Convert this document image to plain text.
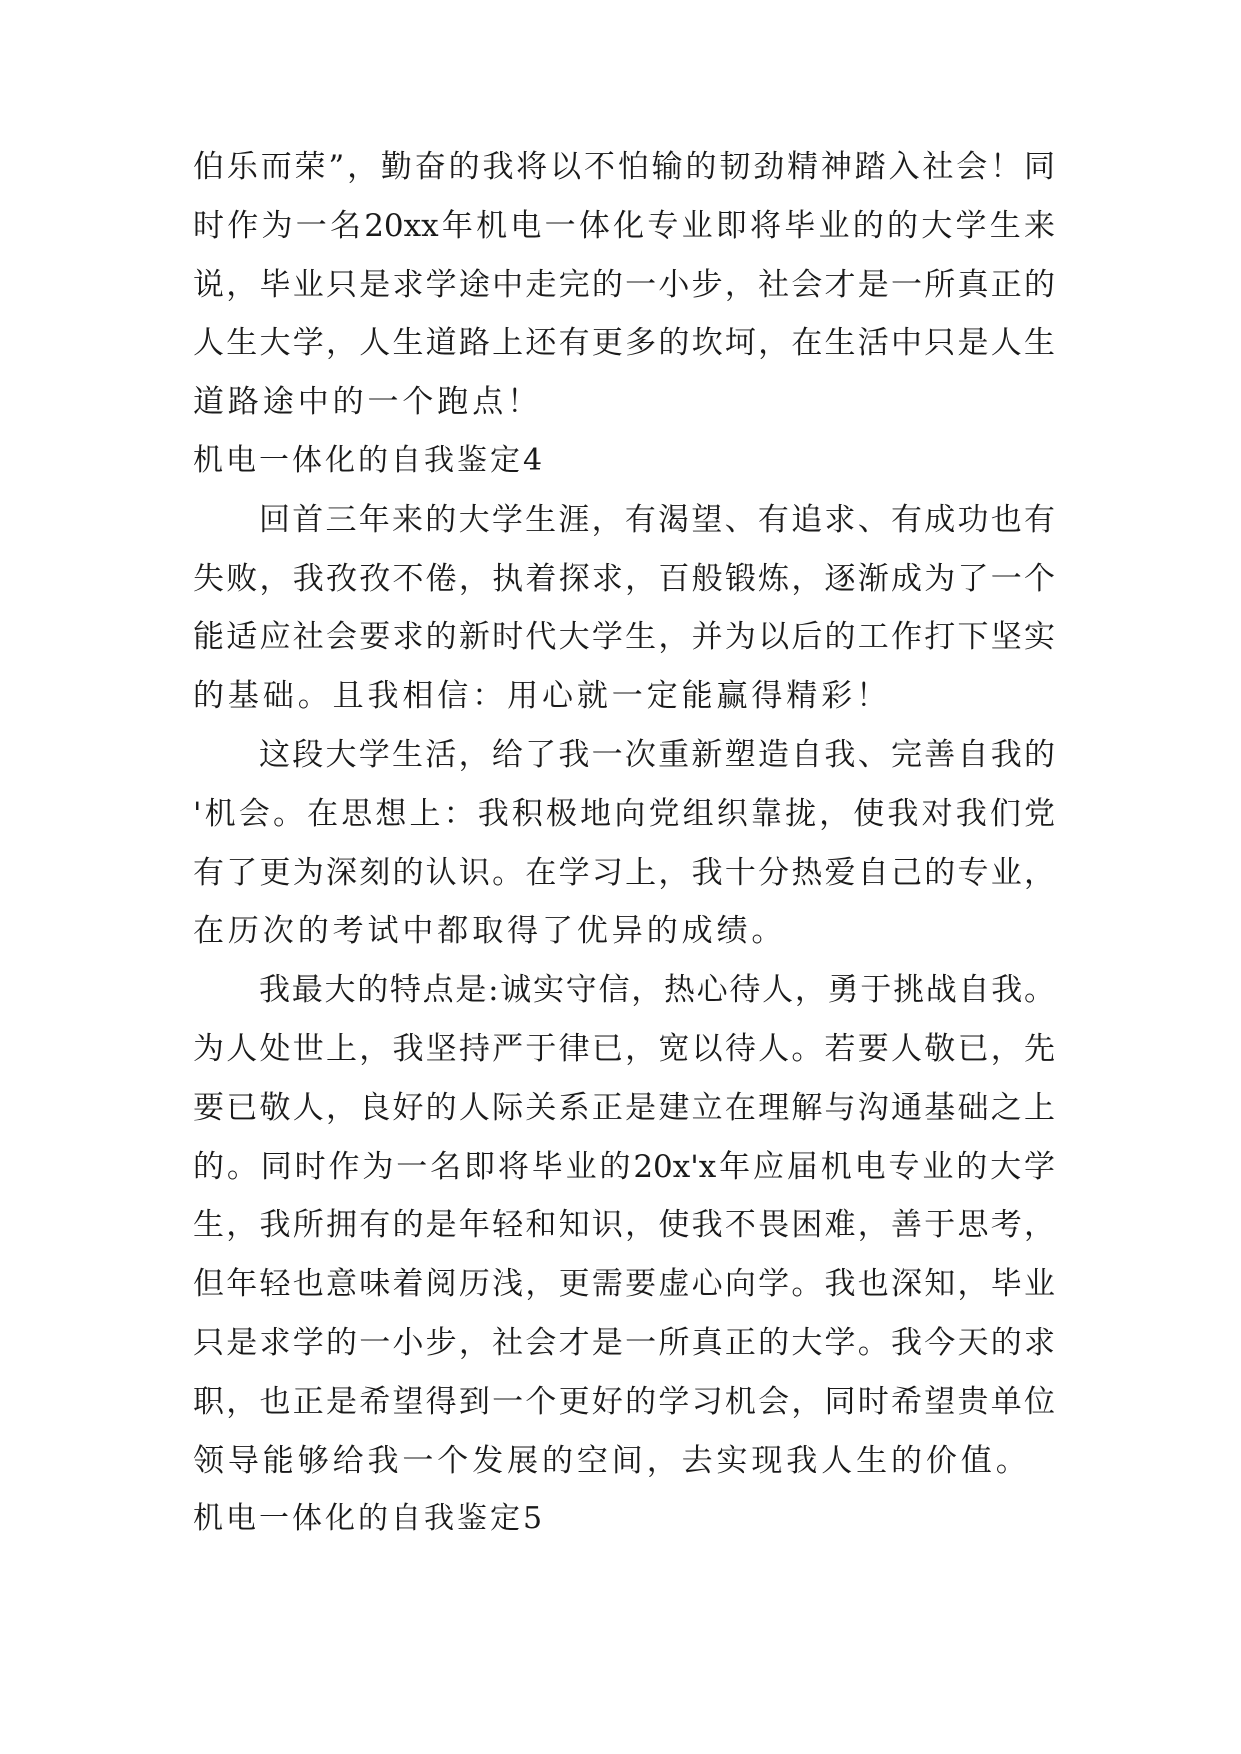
伯乐而荣”，勤奋的我将以不怕输的韧劲精神踏入社会！同
时作为一名20xx年机电一体化专业即将毕业的的大学生来
说，毕业只是求学途中走完的一小步，社会才是一所真正的
人生大学，人生道路上还有更多的坎坷，在生活中只是人生
道路途中的一个跑点！
机电一体化的自我鉴定4
回首三年来的大学生涯，有渴望、有追求、有成功也有
失败，我孜孜不倦，执着探求，百般锻炼，逐渐成为了一个
能适应社会要求的新时代大学生，并为以后的工作打下坚实
的基础。且我相信：用心就一定能赢得精彩！
这段大学生活，给了我一次重新塑造自我、完善自我的
'机会。在思想上：我积极地向党组织靠拢，使我对我们党
有了更为深刻的认识。在学习上，我十分热爱自己的专业，
在历次的考试中都取得了优异的成绩。
我最大的特点是:诚实守信，热心待人，勇于挑战自我。
为人处世上，我坚持严于律已，宽以待人。若要人敬已，先
要已敬人，良好的人际关系正是建立在理解与沟通基础之上
的。同时作为一名即将毕业的20x'x年应届机电专业的大学
生，我所拥有的是年轻和知识，使我不畏困难，善于思考，
但年轻也意味着阅历浅，更需要虚心向学。我也深知，毕业
只是求学的一小步，社会才是一所真正的大学。我今天的求
职，也正是希望得到一个更好的学习机会，同时希望贵单位
领导能够给我一个发展的空间，去实现我人生的价值。
机电一体化的自我鉴定5
